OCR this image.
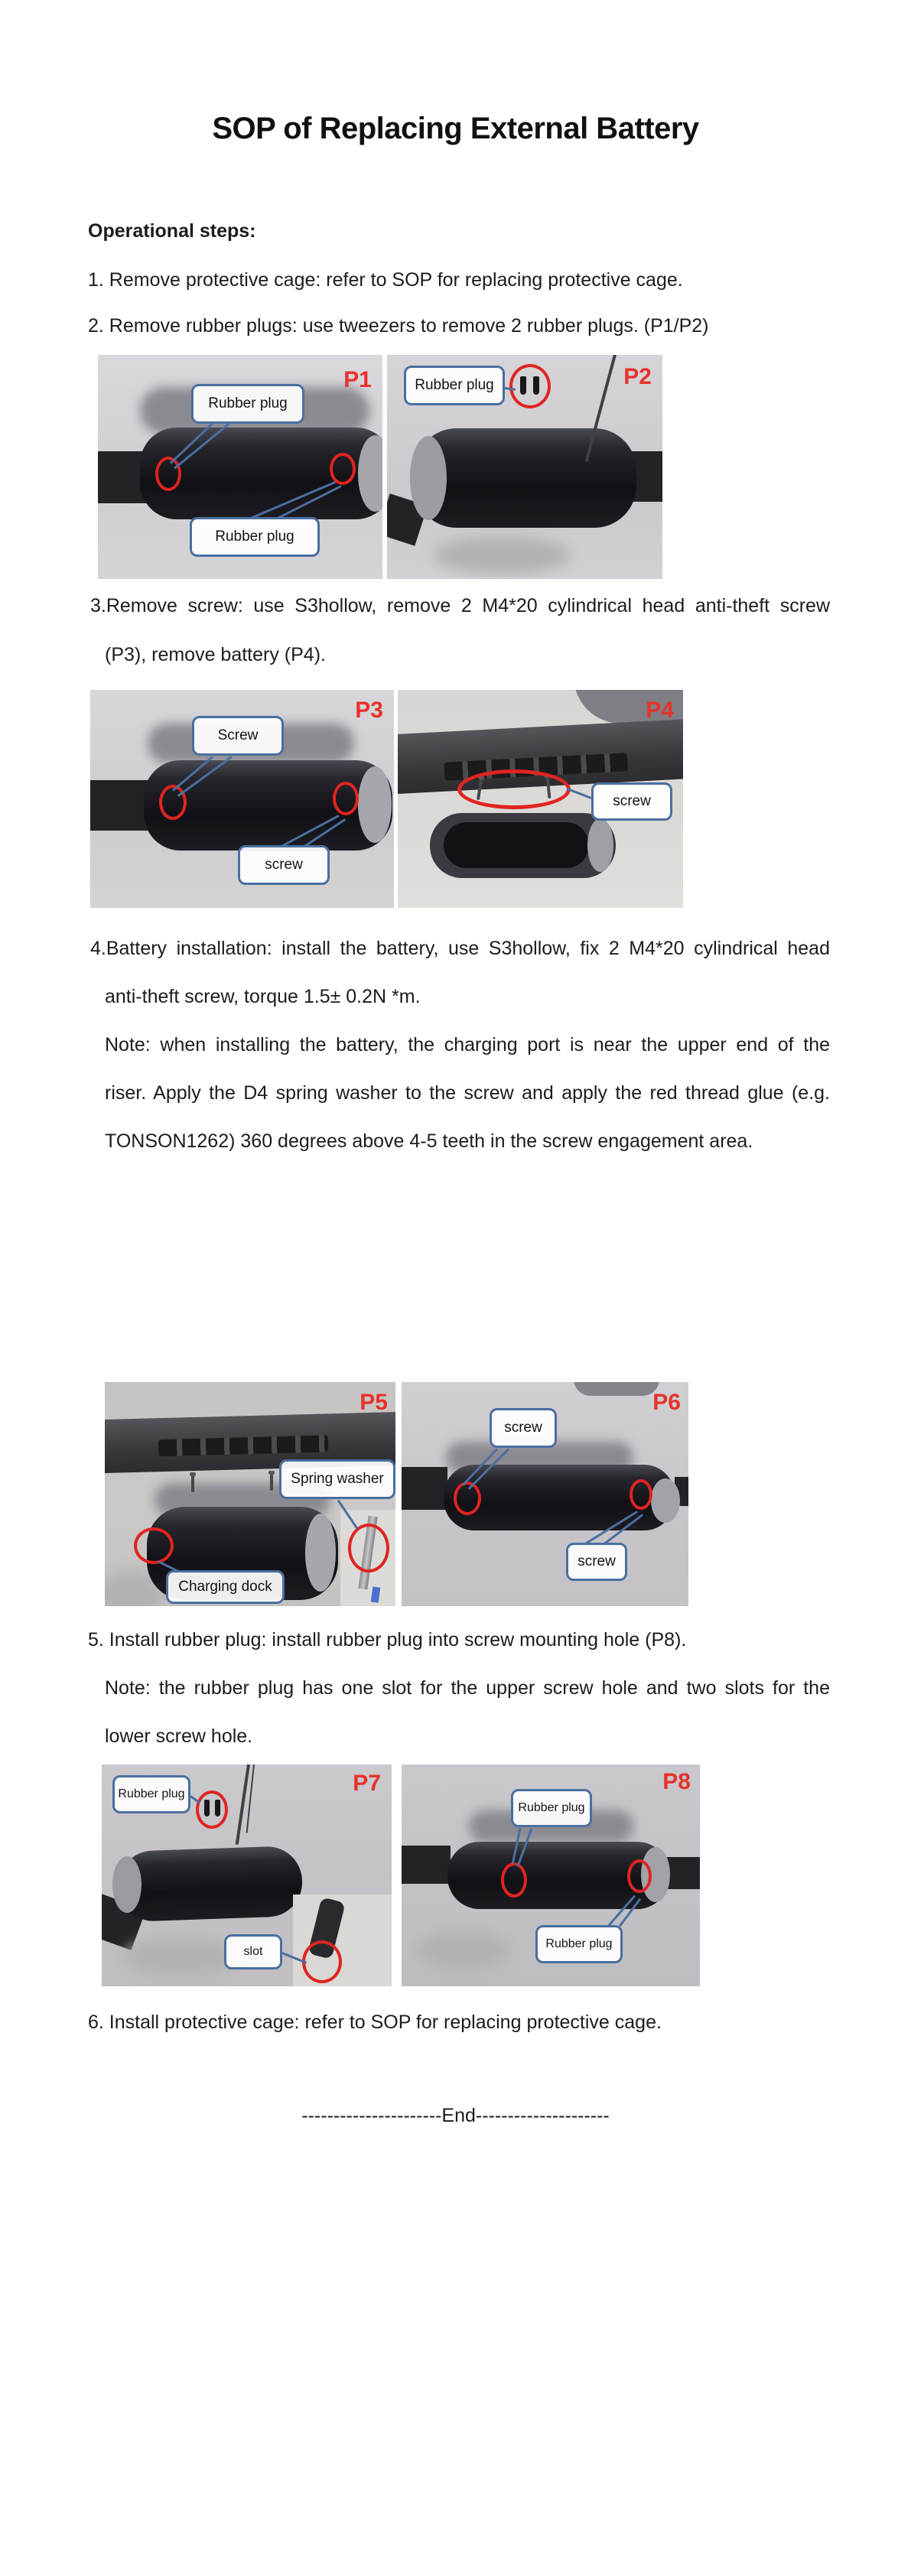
SOP of Replacing External Battery
Operational steps:
1. Remove protective cage: refer to SOP for replacing protective cage.
2. Remove rubber plugs: use tweezers to remove 2 rubber plugs. (P1/P2)
P1
Rubber plug
Rubber plug
P2
Rubber plug
3.Remove screw: use S3hollow, remove 2 M4*20 cylindrical head anti-theft screw
(P3), remove battery (P4).
P3
Screw
screw
P4
screw
4.Battery installation: install the battery, use S3hollow, fix 2 M4*20 cylindrical head
anti-theft screw, torque 1.5± 0.2N *m.
Note: when installing the battery, the charging port is near the upper end of the
riser. Apply the D4 spring washer to the screw and apply the red thread glue (e.g.
TONSON1262) 360 degrees above 4-5 teeth in the screw engagement area.
P5
Spring washer
Charging dock
P6
screw
screw
5. Install rubber plug: install rubber plug into screw mounting hole (P8).
Note: the rubber plug has one slot for the upper screw hole and two slots for the
lower screw hole.
P7
Rubber plug
slot
P8
Rubber plug
Rubber plug
6. Install protective cage: refer to SOP for replacing protective cage.
----------------------End---------------------
